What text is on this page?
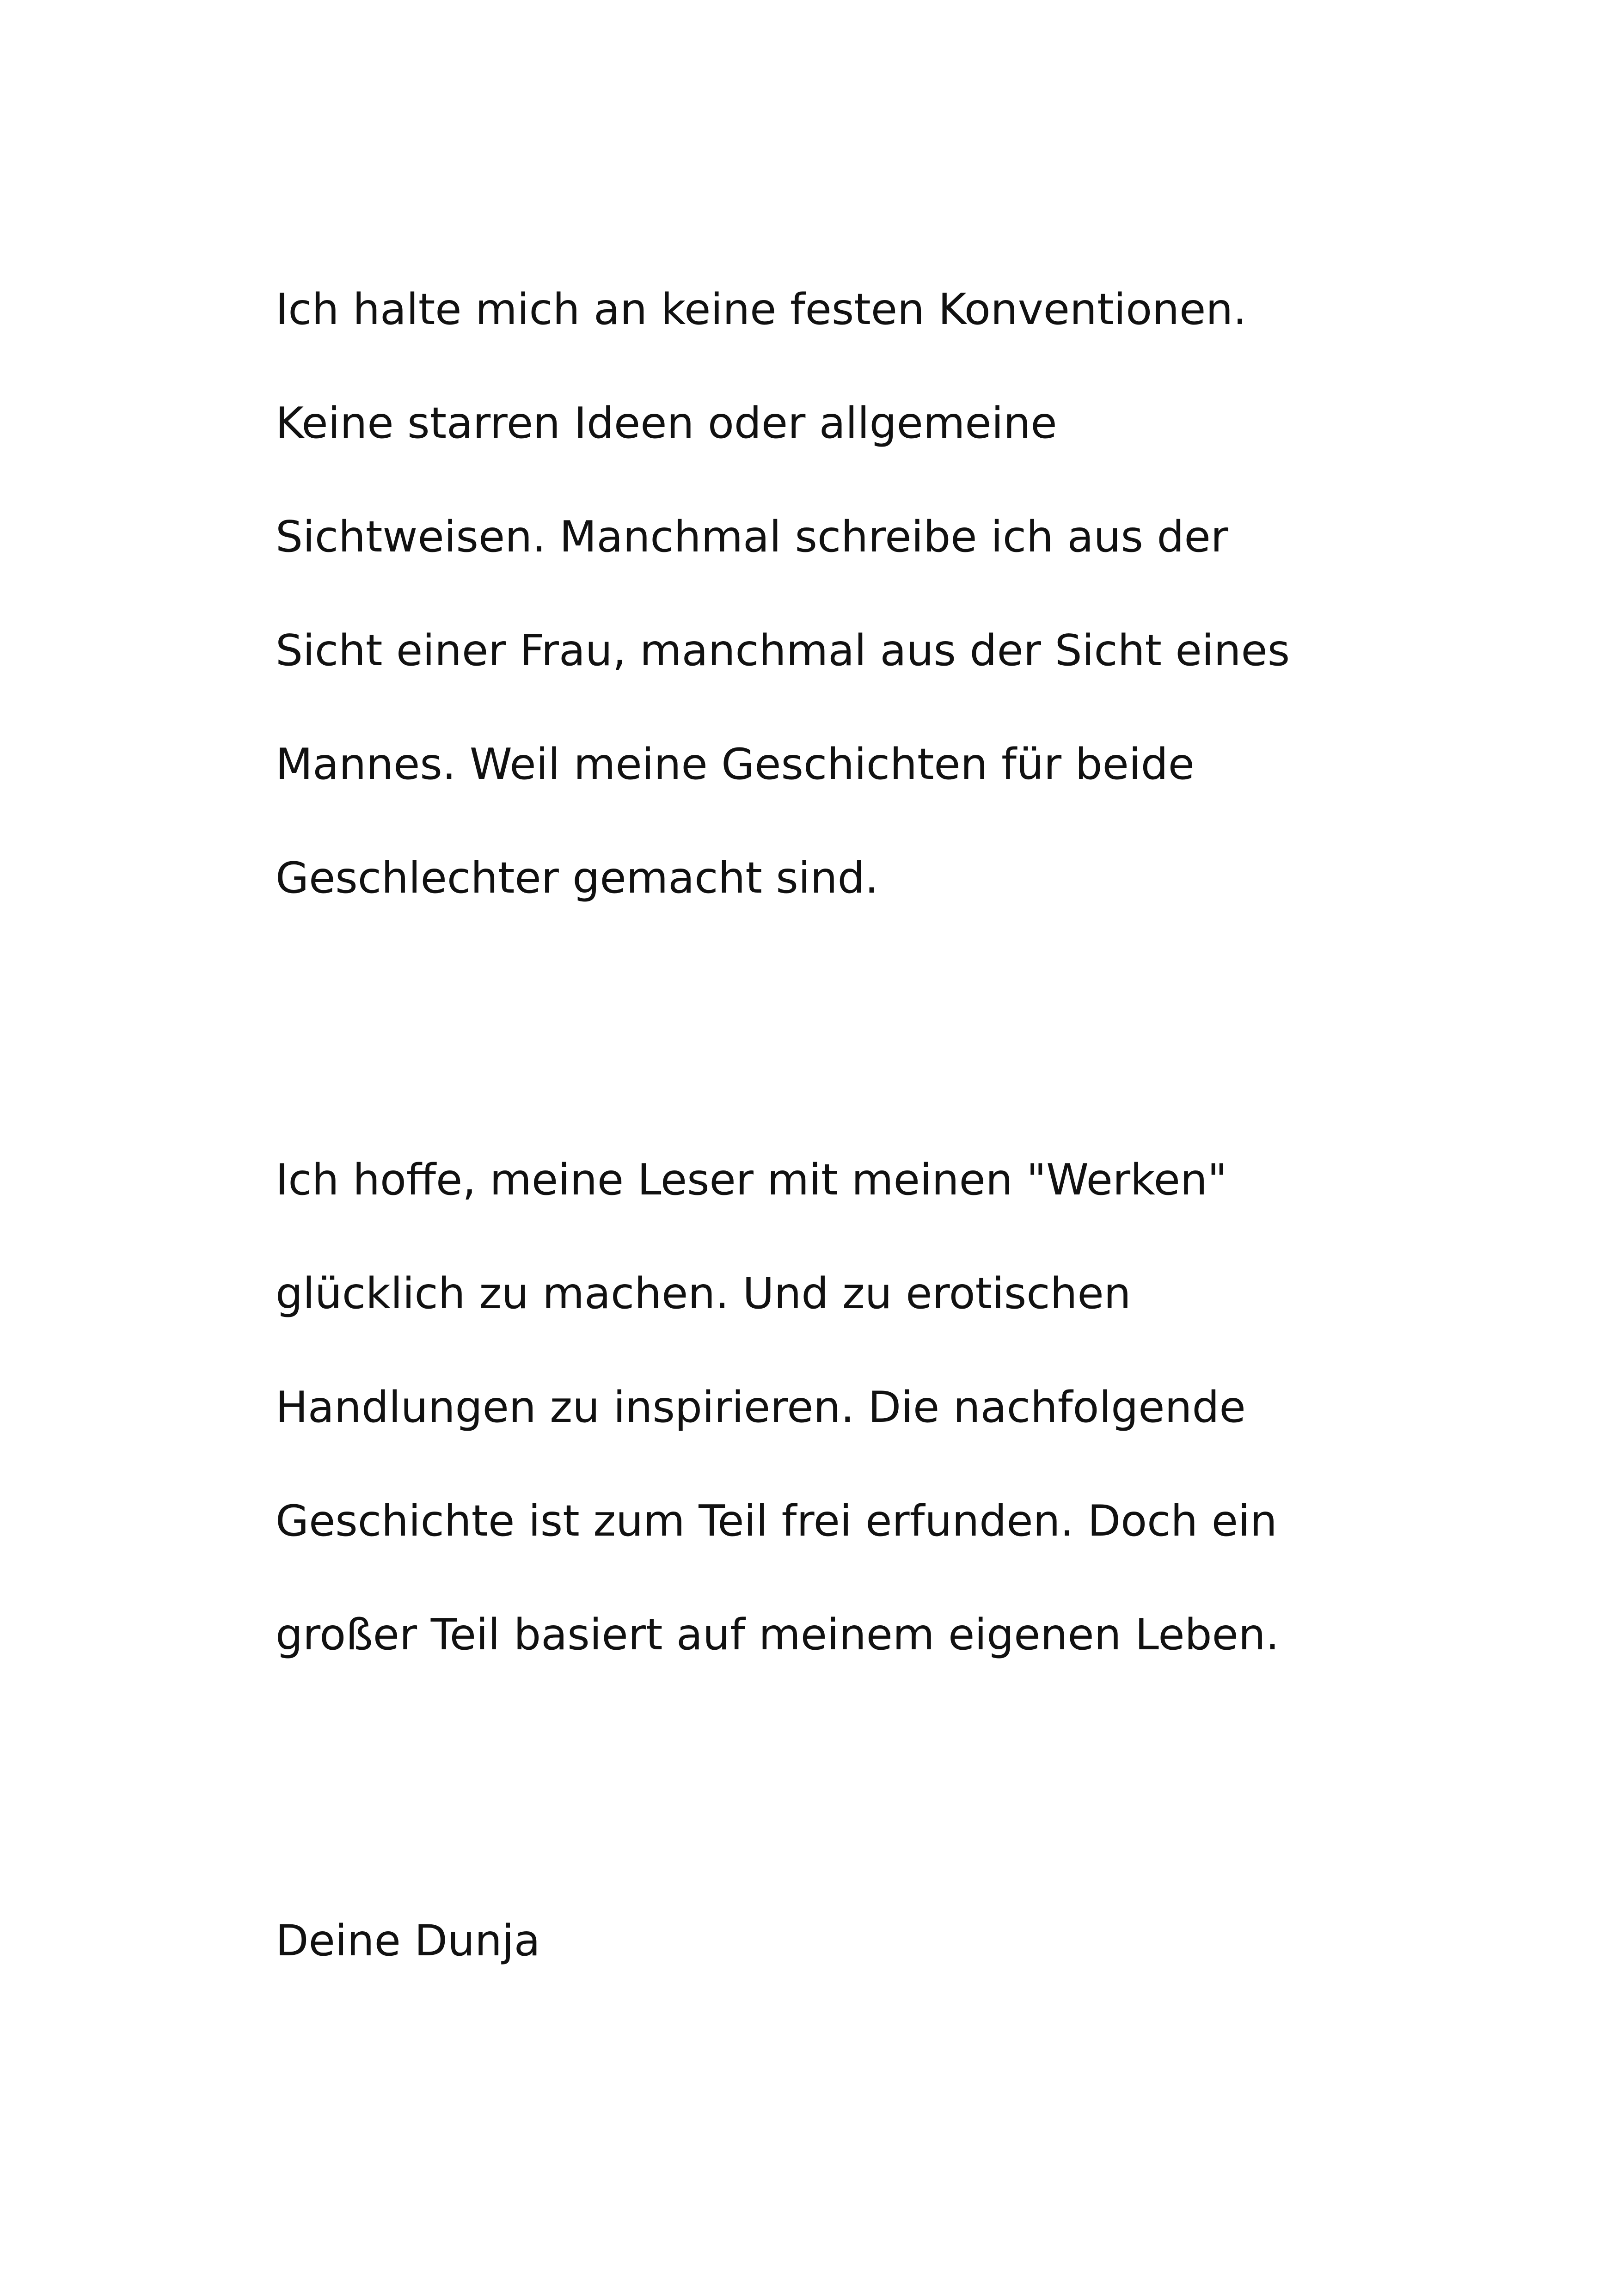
Ich halte mich an keine festen Konventionen.

Keine starren Ideen oder allgemeine

Sichtweisen. Manchmal schreibe ich aus der

Sicht einer Frau, manchmal aus der Sicht eines

Mannes. Weil meine Geschichten für beide

Geschlechter gemacht sind.

Ich hoffe, meine Leser mit meinen "Werken"

glücklich zu machen. Und zu erotischen

Handlungen zu inspirieren. Die nachfolgende

Geschichte ist zum Teil frei erfunden. Doch ein

großer Teil basiert auf meinem eigenen Leben.

Deine Dunja
